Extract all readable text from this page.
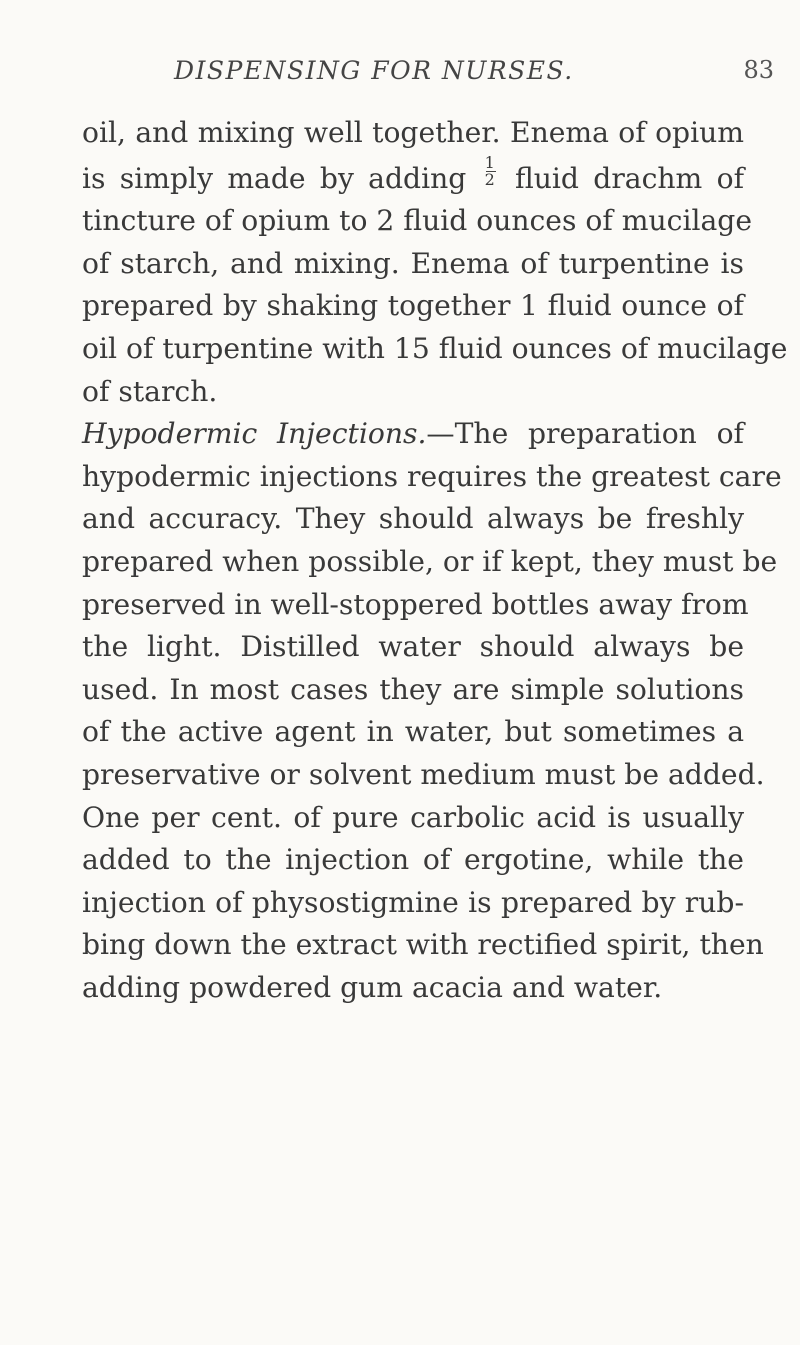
DISPENSING FOR NURSES.	83
oil, and mixing well together. Enema of opium
is simply made by adding $\frac{1}{2}$ fluid drachm of
tincture of opium to 2 fluid ounces of mucilage
of starch, and mixing. Enema of turpentine is
prepared by shaking together 1 fluid ounce of
oil of turpentine with 15 fluid ounces of mucilage
of starch.
Hypodermic Injections.—The preparation of
hypodermic injections requires the greatest care
and accuracy. They should always be freshly
prepared when possible, or if kept, they must be
preserved in well-stoppered bottles away from
the light. Distilled water should always be
used. In most cases they are simple solutions
of the active agent in water, but sometimes a
preservative or solvent medium must be added.
One per cent. of pure carbolic acid is usually
added to the injection of ergotine, while the
injection of physostigmine is prepared by rub-
bing down the extract with rectified spirit, then
adding powdered gum acacia and water.
